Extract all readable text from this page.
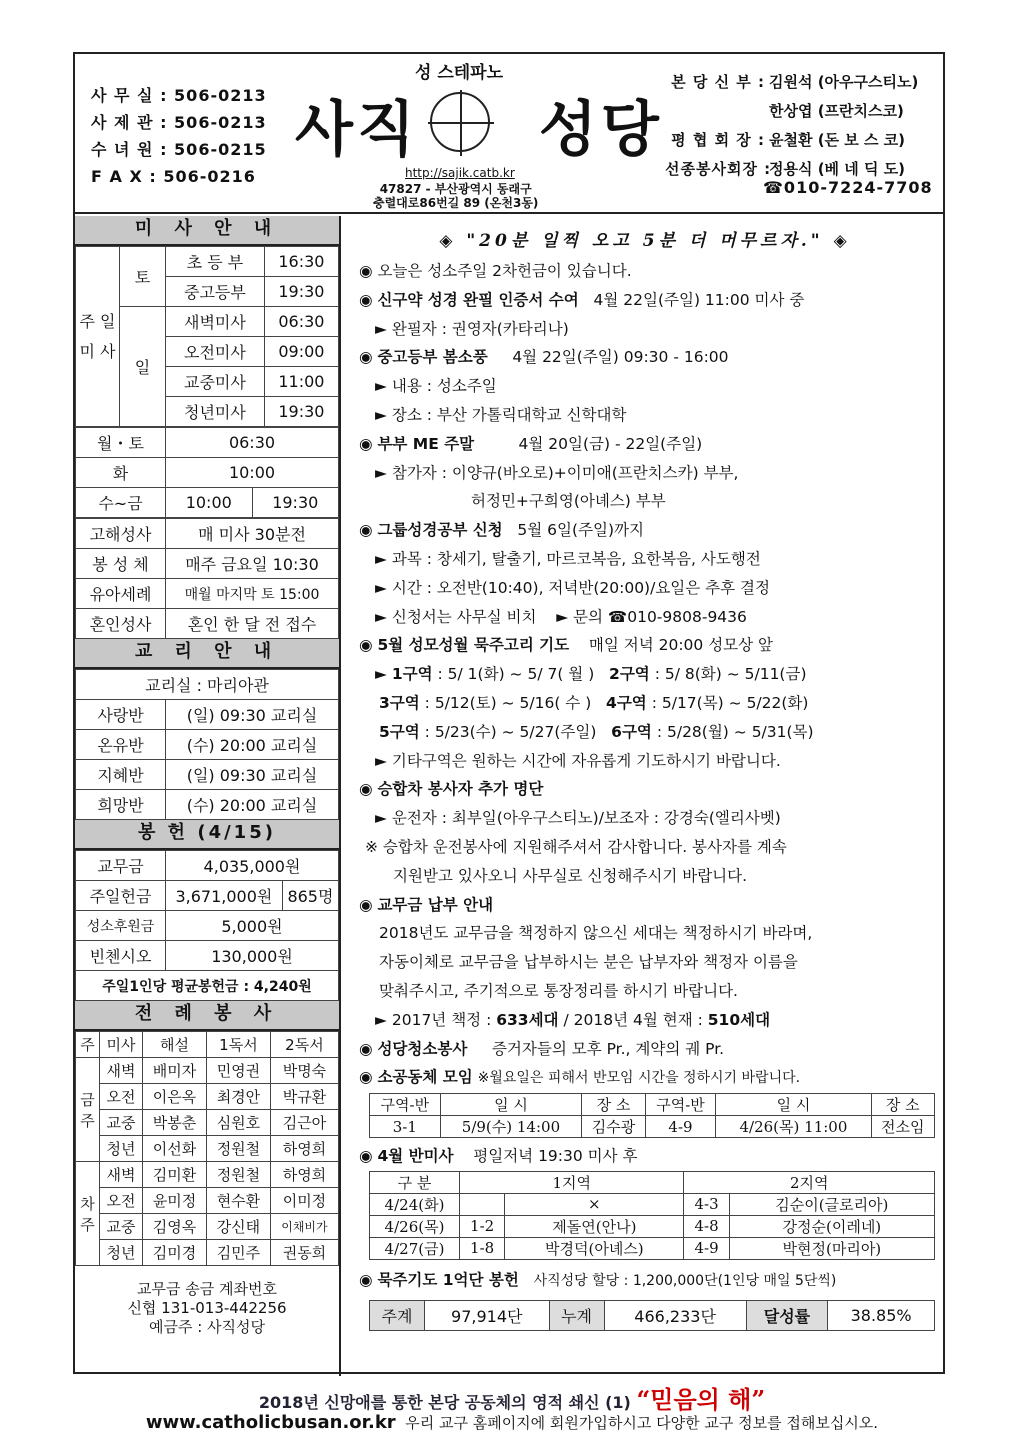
사 무 실 : 506-0213
사 제 관 : 506-0213
수 녀 원 : 506-0215
F A X : 506-0216
성 스테파노
사직 성당
http://sajik.catb.kr
47827 - 부산광역시 동래구
충렬대로86번길 89 (온천3동)
본 당 신 부 : 김원석 (아우구스티노)
한상엽 (프란치스코)
평 협 회 장 : 윤철환 (돈 보 스 코)
선종봉사회장 :
정용식 (베 네 딕 도)
☎010-7224-7708
미 사 안 내
주 일 미 사	토	초 등 부	16:30
		중고등부	19:30
	일	새벽미사	06:30
		오전미사	09:00
		교중미사	11:00
		청년미사	19:30
월・토	06:30	
화	10:00	
수~금	10:00	19:30
고해성사	매 미사 30분전
봉 성 체	매주 금요일 10:30
유아세례	매월 마지막 토 15:00
혼인성사	혼인 한 달 전 접수
교 리 안 내
교리실 : 마리아관	
사랑반	(일) 09:30 교리실
온유반	(수) 20:00 교리실
지혜반	(일) 09:30 교리실
희망반	(수) 20:00 교리실
봉 헌 (4/15)
교무금	4,035,000원	
주일헌금	3,671,000원	865명
성소후원금	5,000원	
빈첸시오	130,000원	
주일1인당 평균봉헌금 : 4,240원		
전 례 봉 사
주	미사	해설	1독서	2독서
금 주	새벽	배미자	민영권	박명숙
	오전	이은옥	최경안	박규환
	교중	박봉춘	심원호	김근아
	청년	이선화	정원철	하영희
차 주	새벽	김미환	정원철	하영희
	오전	윤미정	현수환	이미정
	교중	김영옥	강신태	이채비가
	청년	김미경	김민주	권동희
교무금 송금 계좌번호
신협 131-013-442256
예금주 : 사직성당
◈ "20분 일찍 오고 5분 더 머무르자." ◈
◉ 오늘은 성소주일 2차헌금이 있습니다.
◉ 신구약 성경 완필 인증서 수여 4월 22일(주일) 11:00 미사 중
► 완필자 : 권영자(카타리나)
◉ 중고등부 봄소풍 4월 22일(주일) 09:30 - 16:00
► 내용 : 성소주일
► 장소 : 부산 가톨릭대학교 신학대학
◉ 부부 ME 주말	4월 20일(금) - 22일(주일)
► 참가자 : 이양규(바오로)+이미애(프란치스카) 부부,
허정민+구희영(아녜스) 부부
◉ 그룹성경공부 신청 5월 6일(주일)까지
► 과목 : 창세기, 탈출기, 마르코복음, 요한복음, 사도행전
► 시간 : 오전반(10:40), 저녁반(20:00)/요일은 추후 결정
► 신청서는 사무실 비치    ► 문의 ☎010-9808-9436
◉ 5월 성모성월 묵주고리 기도 매일 저녁 20:00 성모상 앞
► 1구역 : 5/ 1(화) ~ 5/ 7( 월 ) 2구역 : 5/ 8(화) ~ 5/11(금)
3구역 : 5/12(토) ~ 5/16( 수 ) 4구역 : 5/17(목) ~ 5/22(화)
5구역 : 5/23(수) ~ 5/27(주일) 6구역 : 5/28(월) ~ 5/31(목)
► 기타구역은 원하는 시간에 자유롭게 기도하시기 바랍니다.
◉ 승합차 봉사자 추가 명단
► 운전자 : 최부일(아우구스티노)/보조자 : 강경숙(엘리사벳)
※ 승합차 운전봉사에 지원해주셔서 감사합니다. 봉사자를 계속
지원받고 있사오니 사무실로 신청해주시기 바랍니다.
◉ 교무금 납부 안내
2018년도 교무금을 책정하지 않으신 세대는 책정하시기 바라며,
자동이체로 교무금을 납부하시는 분은 납부자와 책정자 이름을
맞춰주시고, 주기적으로 통장정리를 하시기 바랍니다.
► 2017년 책정 : 633세대 / 2018년 4월 현재 : 510세대
◉ 성당청소봉사 증거자들의 모후 Pr., 계약의 궤 Pr.
◉ 소공동체 모임 ※월요일은 피해서 반모임 시간을 정하시기 바랍니다.
구역-반	일 시	장 소	구역-반	일 시	장 소
3-1	5/9(수) 14:00	김수광	4-9	4/26(목) 11:00	전소임
◉ 4월 반미사 평일저녁 19:30 미사 후
구 분	1지역		2지역	
4/24(화)		×	4-3	김순이(글로리아)
4/26(목)	1-2	제돌연(안나)	4-8	강정순(이레네)
4/27(금)	1-8	박경덕(아녜스)	4-9	박현정(마리아)
◉ 묵주기도 1억단 봉헌 사직성당 할당 : 1,200,000단(1인당 매일 5단씩)
주계	97,914단	누계	466,233단	달성률	38.85%
2018년 신망애를 통한 본당 공동체의 영적 쇄신 (1) “믿음의 해”
www.catholicbusan.or.kr 우리 교구 홈페이지에 회원가입하시고 다양한 교구 정보를 접해보십시오.
